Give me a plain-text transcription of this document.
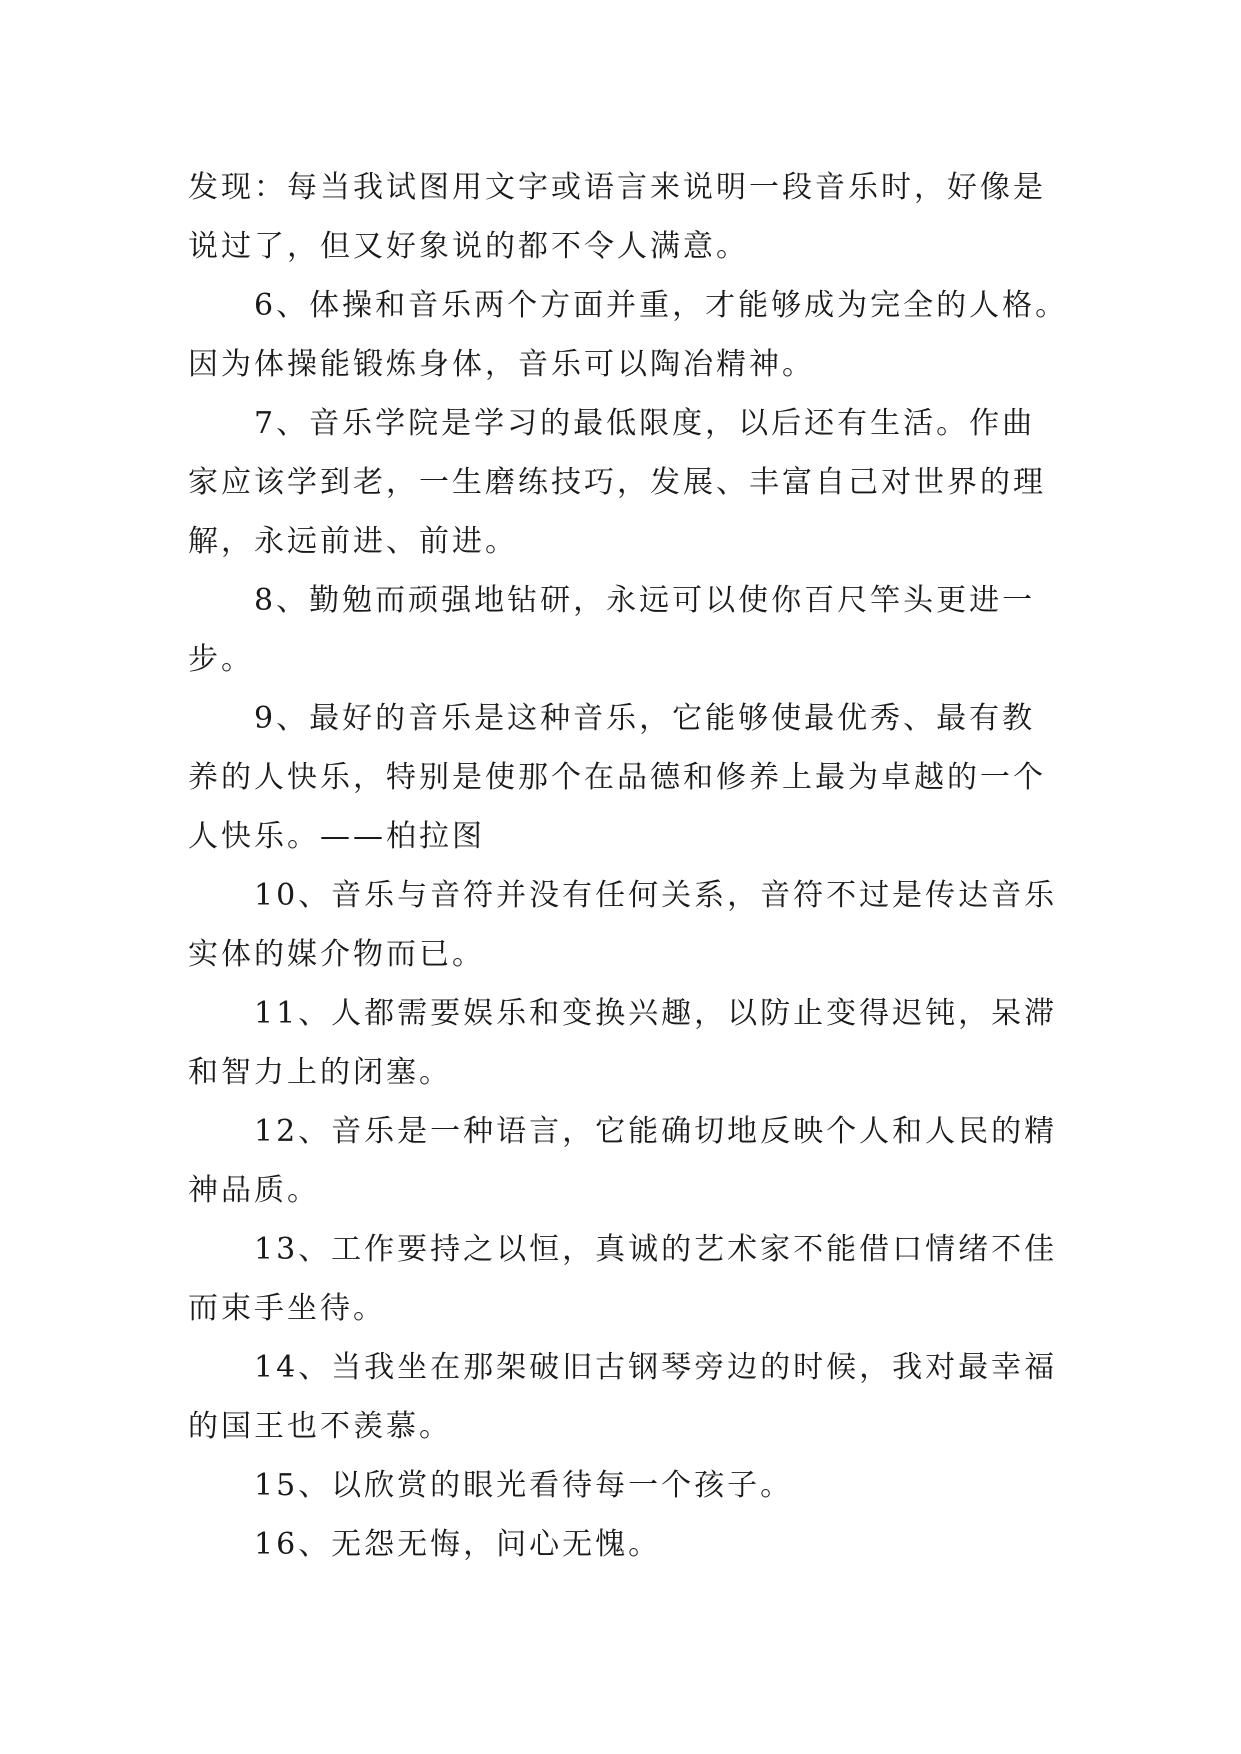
发现：每当我试图用文字或语言来说明一段音乐时，好像是
说过了，但又好象说的都不令人满意。
6、体操和音乐两个方面并重，才能够成为完全的人格。
因为体操能锻炼身体，音乐可以陶冶精神。
7、音乐学院是学习的最低限度，以后还有生活。作曲
家应该学到老，一生磨练技巧，发展、丰富自己对世界的理
解，永远前进、前进。
8、勤勉而顽强地钻研，永远可以使你百尺竿头更进一
步。
9、最好的音乐是这种音乐，它能够使最优秀、最有教
养的人快乐，特别是使那个在品德和修养上最为卓越的一个
人快乐。——柏拉图
10、音乐与音符并没有任何关系，音符不过是传达音乐
实体的媒介物而已。
11、人都需要娱乐和变换兴趣，以防止变得迟钝，呆滞
和智力上的闭塞。
12、音乐是一种语言，它能确切地反映个人和人民的精
神品质。
13、工作要持之以恒，真诚的艺术家不能借口情绪不佳
而束手坐待。
14、当我坐在那架破旧古钢琴旁边的时候，我对最幸福
的国王也不羡慕。
15、以欣赏的眼光看待每一个孩子。
16、无怨无悔，问心无愧。
